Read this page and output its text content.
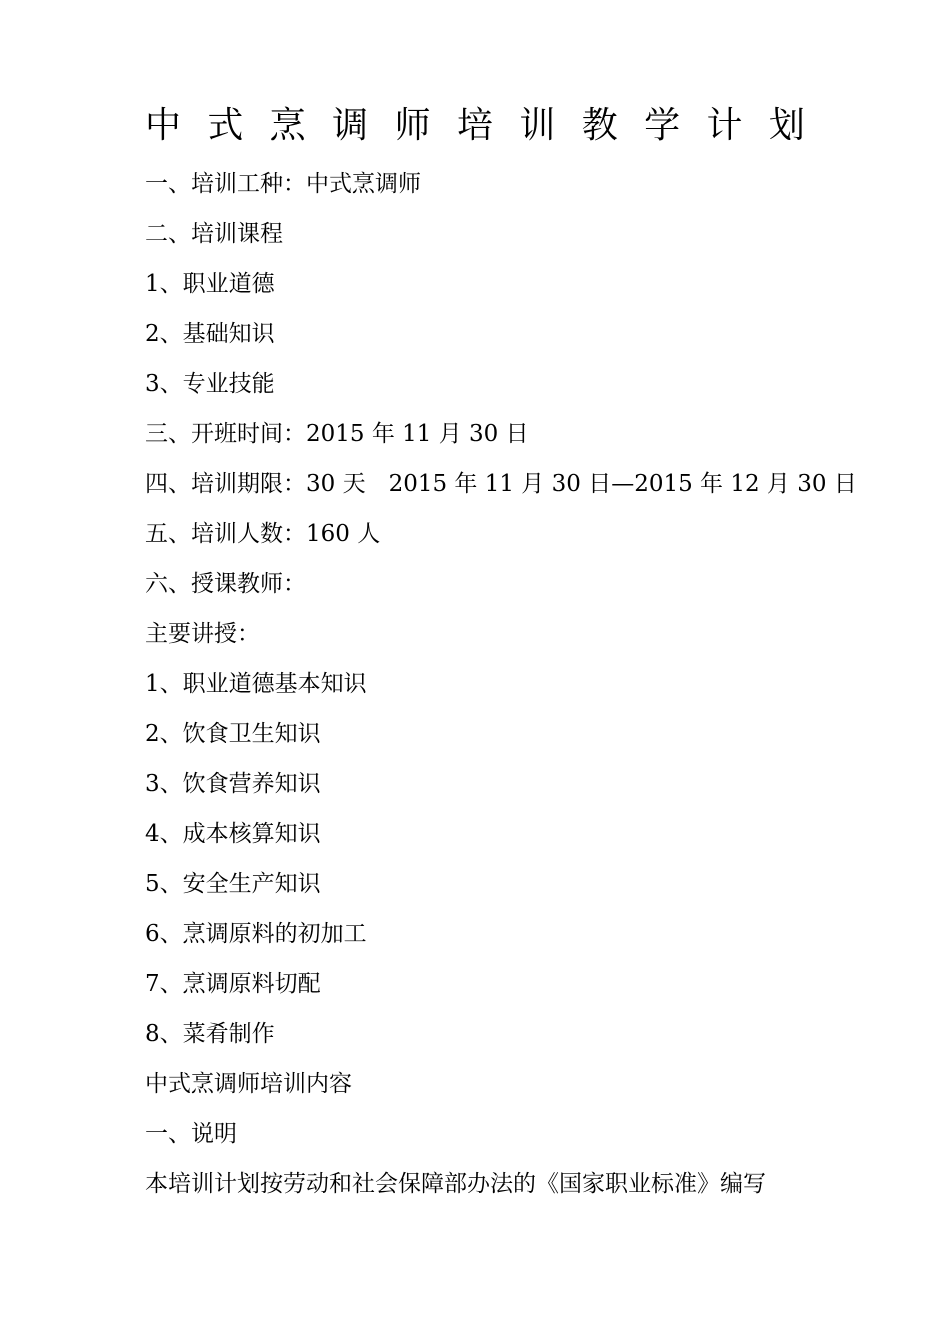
中 式 烹 调 师 培 训 教 学 计 划
一、培训工种：中式烹调师
二、培训课程
1、职业道德
2、基础知识
3、专业技能
三、开班时间：2015 年 11 月 30 日
四、培训期限：30 天　2015 年 11 月 30 日—2015 年 12 月 30 日
五、培训人数：160 人
六、授课教师：
主要讲授：
1、职业道德基本知识
2、饮食卫生知识
3、饮食营养知识
4、成本核算知识
5、安全生产知识
6、烹调原料的初加工
7、烹调原料切配
8、菜肴制作
中式烹调师培训内容
一、说明
本培训计划按劳动和社会保障部办法的《国家职业标准》编写
